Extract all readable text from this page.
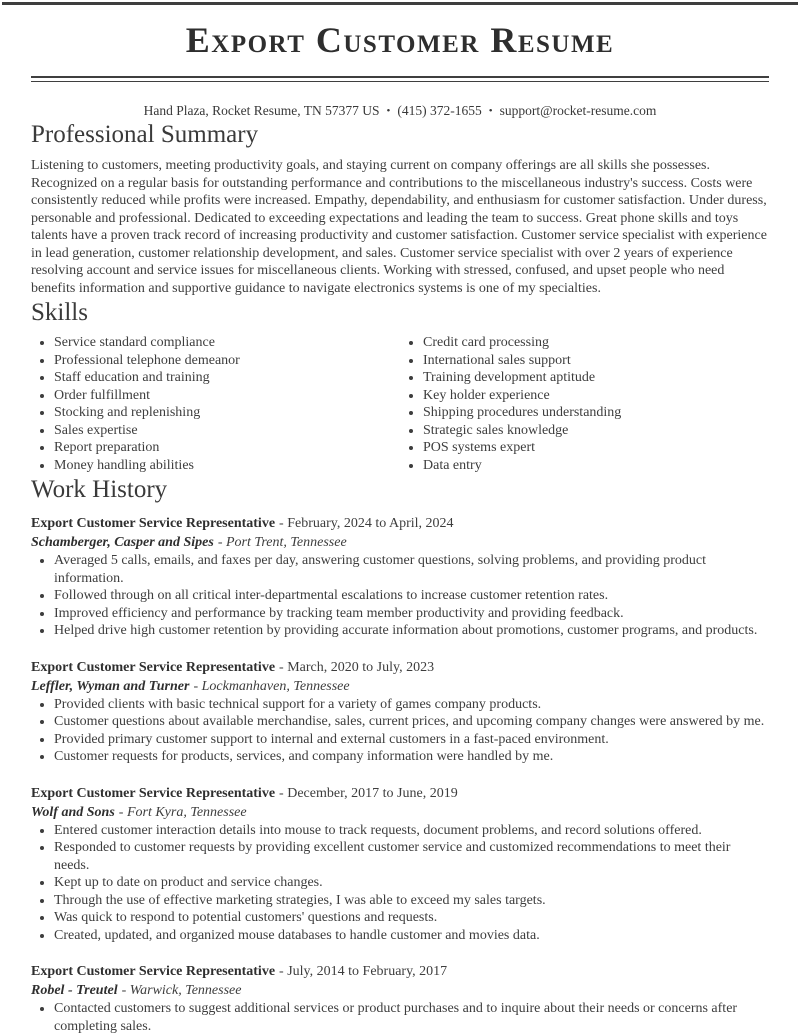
Export Customer Resume
Hand Plaza, Rocket Resume, TN 57377 US • (415) 372-1655 • support@rocket-resume.com
Professional Summary

Listening to customers, meeting productivity goals, and staying current on company offerings are all skills she possesses. Recognized on a regular basis for outstanding performance and contributions to the miscellaneous industry's success. Costs were consistently reduced while profits were increased. Empathy, dependability, and enthusiasm for customer satisfaction. Under duress, personable and professional. Dedicated to exceeding expectations and leading the team to success. Great phone skills and toys talents have a proven track record of increasing productivity and customer satisfaction. Customer service specialist with experience in lead generation, customer relationship development, and sales. Customer service specialist with over 2 years of experience resolving account and service issues for miscellaneous clients. Working with stressed, confused, and upset people who need benefits information and supportive guidance to navigate electronics systems is one of my specialties.

Skills
• Service standard compliance
• Professional telephone demeanor
• Staff education and training
• Order fulfillment
• Stocking and replenishing
• Sales expertise
• Report preparation
• Money handling abilities
• Credit card processing
• International sales support
• Training development aptitude
• Key holder experience
• Shipping procedures understanding
• Strategic sales knowledge
• POS systems expert
• Data entry
Work History
Export Customer Service Representative - February, 2024 to April, 2024
Schamberger, Casper and Sipes - Port Trent, Tennessee
• Averaged 5 calls, emails, and faxes per day, answering customer questions, solving problems, and providing product information.
• Followed through on all critical inter-departmental escalations to increase customer retention rates.
• Improved efficiency and performance by tracking team member productivity and providing feedback.
• Helped drive high customer retention by providing accurate information about promotions, customer programs, and products.
Export Customer Service Representative - March, 2020 to July, 2023
Leffler, Wyman and Turner - Lockmanhaven, Tennessee
• Provided clients with basic technical support for a variety of games company products.
• Customer questions about available merchandise, sales, current prices, and upcoming company changes were answered by me.
• Provided primary customer support to internal and external customers in a fast-paced environment.
• Customer requests for products, services, and company information were handled by me.
Export Customer Service Representative - December, 2017 to June, 2019
Wolf and Sons - Fort Kyra, Tennessee
• Entered customer interaction details into mouse to track requests, document problems, and record solutions offered.
• Responded to customer requests by providing excellent customer service and customized recommendations to meet their needs.
• Kept up to date on product and service changes.
• Through the use of effective marketing strategies, I was able to exceed my sales targets.
• Was quick to respond to potential customers' questions and requests.
• Created, updated, and organized mouse databases to handle customer and movies data.
Export Customer Service Representative - July, 2014 to February, 2017
Robel - Treutel - Warwick, Tennessee
• Contacted customers to suggest additional services or product purchases and to inquire about their needs or concerns after completing sales.
